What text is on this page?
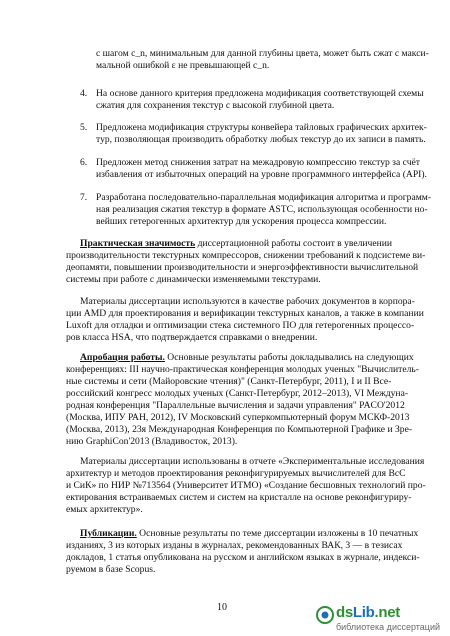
с шагом c_n, минимальным для данной глубины цвета, может быть сжат с макси-
мальной ошибкой ε не превышающей c_n.
4. На основе данного критерия предложена модификация соответствующей схемы
сжатия для сохранения текстур с высокой глубиной цвета.
5. Предложена модификация структуры конвейера тайловых графических архитек-
тур, позволяющая производить обработку любых текстур до их записи в память.
6. Предложен метод снижения затрат на межадровую компрессию текстур за счёт
избавления от избыточных операций на уровне программного интерфейса (API).
7. Разработана последовательно-параллельная модификация алгоритма и программ-
ная реализация сжатия текстур в формате ASTC, использующая особенности но-
вейших гетерогенных архитектур для ускорения процесса компрессии.
Практическая значимость диссертационной работы состоит в увеличении
производительности текстурных компрессоров, снижении требований к подсистеме ви-
деопамяти, повышении производительности и энергоэффективности вычислительной
системы при работе с динамически изменяемыми текстурами.
Материалы диссертации используются в качестве рабочих документов в корпора-
ции AMD для проектирования и верификации текстурных каналов, а также в компании
Luxoft для отладки и оптимизации стека системного ПО для гетерогенных процессо-
ров класса HSA, что подтверждается справками о внедрении.
Апробация работы. Основные результаты работы докладывались на следующих
конференциях: III научно-практическая конференция молодых ученых "Вычислитель-
ные системы и сети (Майоровские чтения)" (Санкт-Петербург, 2011), I и II Все-
российский конгресс молодых ученых (Санкт-Петербург, 2012–2013), VI Междуна-
родная конференция "Параллельные вычисления и задачи управления" PACO'2012
(Москва, ИПУ РАН, 2012), IV Московский суперкомпьютерный форум МСКФ-2013
(Москва, 2013), 23я Международная Конференция по Компьютерной Графике и Зре-
нию GraphiCon'2013 (Владивосток, 2013).
Материалы диссертации использованы в отчете «Экспериментальные исследования
архитектур и методов проектирования реконфигурируемых вычислителей для ВсС
и СиК» по НИР №713564 (Университет ИТМО) «Создание бесшовных технологий про-
ектирования встраиваемых систем и систем на кристалле на основе реконфигуриру-
емых архитектур».
Публикации. Основные результаты по теме диссертации изложены в 10 печатных
изданиях, 3 из которых изданы в журналах, рекомендованных ВАК, 3 — в тезисах
докладов, 1 статья опубликована на русском и английском языках в журнале, индекси-
руемом в базе Scopus.
10	dsLib.net
библиотека диссертаций
